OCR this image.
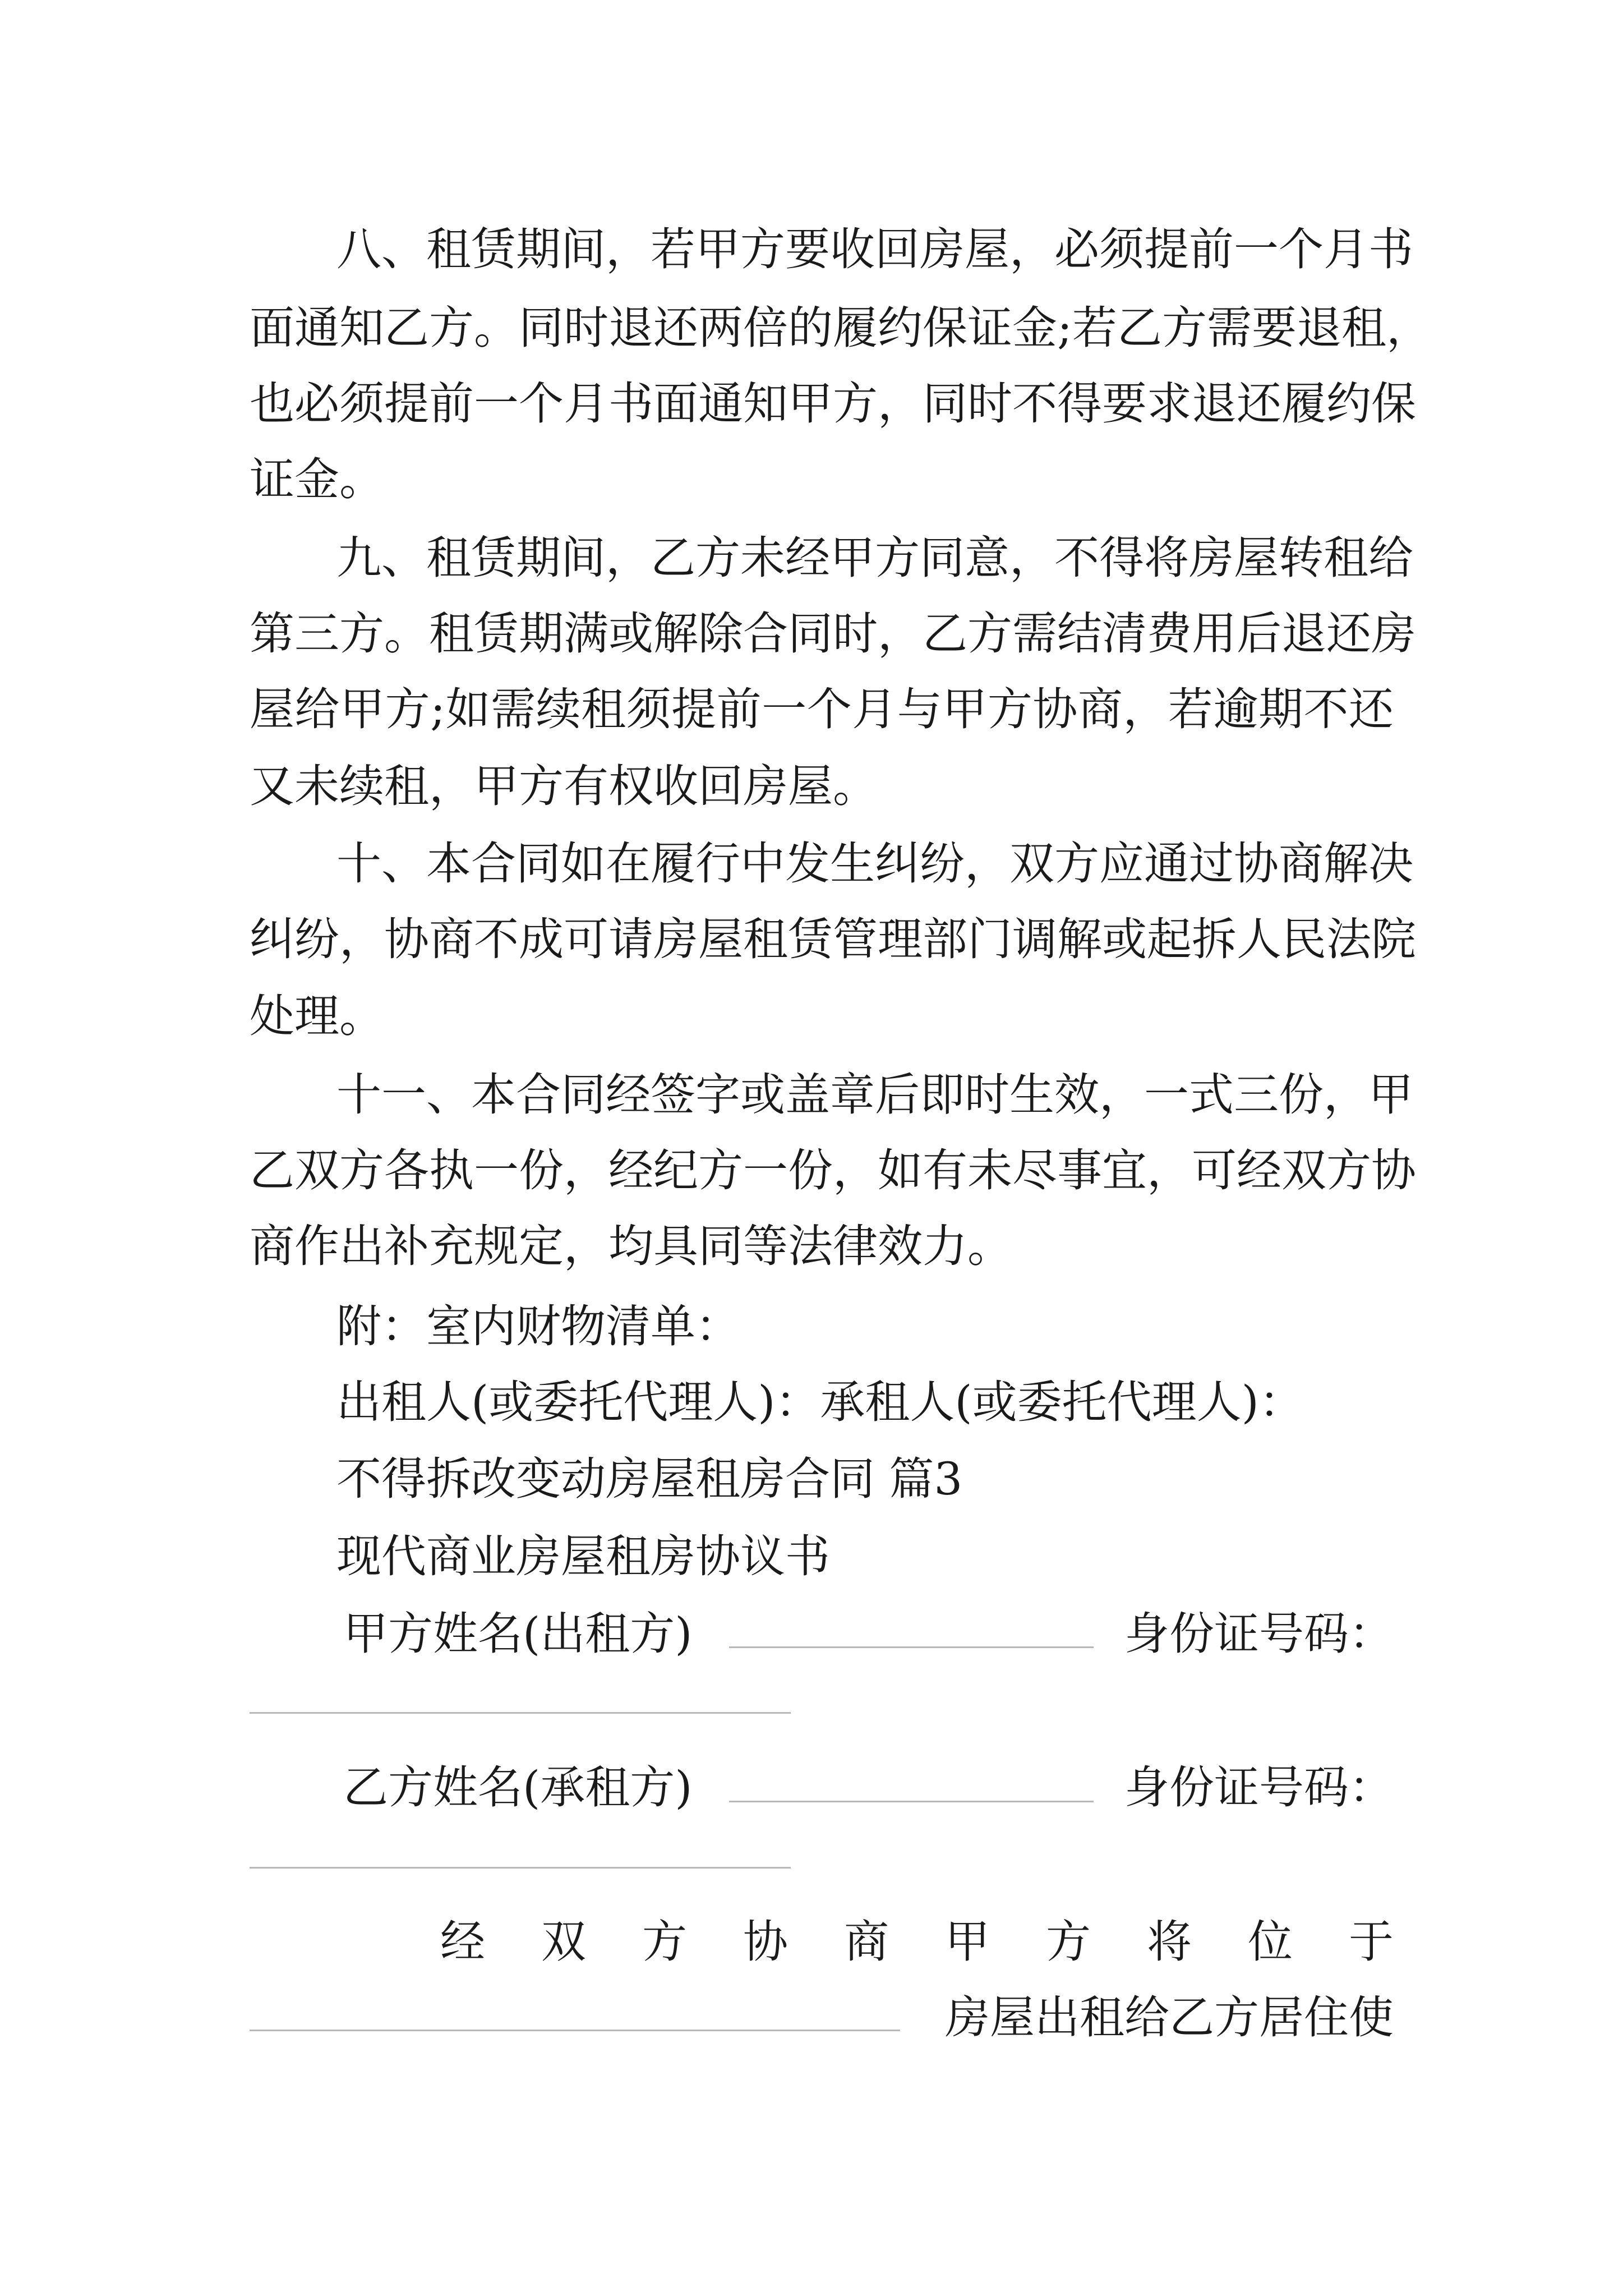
八、租赁期间，若甲方要收回房屋，必须提前一个月书
面通知乙方。同时退还两倍的履约保证金;若乙方需要退租，
也必须提前一个月书面通知甲方，同时不得要求退还履约保
证金。
九、租赁期间，乙方未经甲方同意，不得将房屋转租给
第三方。租赁期满或解除合同时，乙方需结清费用后退还房
屋给甲方;如需续租须提前一个月与甲方协商，若逾期不还
又未续租，甲方有权收回房屋。
十、本合同如在履行中发生纠纷，双方应通过协商解决
纠纷，协商不成可请房屋租赁管理部门调解或起拆人民法院
处理。
十一、本合同经签字或盖章后即时生效，一式三份，甲
乙双方各执一份，经纪方一份，如有未尽事宜，可经双方协
商作出补充规定，均具同等法律效力。
附：室内财物清单：
出租人(或委托代理人)：承租人(或委托代理人)：
不得拆改变动房屋租房合同 篇3
现代商业房屋租房协议书
甲方姓名(出租方)	身份证号码：
乙方姓名(承租方)	身份证号码：
经双方协商甲方将位于
房屋出租给乙方居住使
